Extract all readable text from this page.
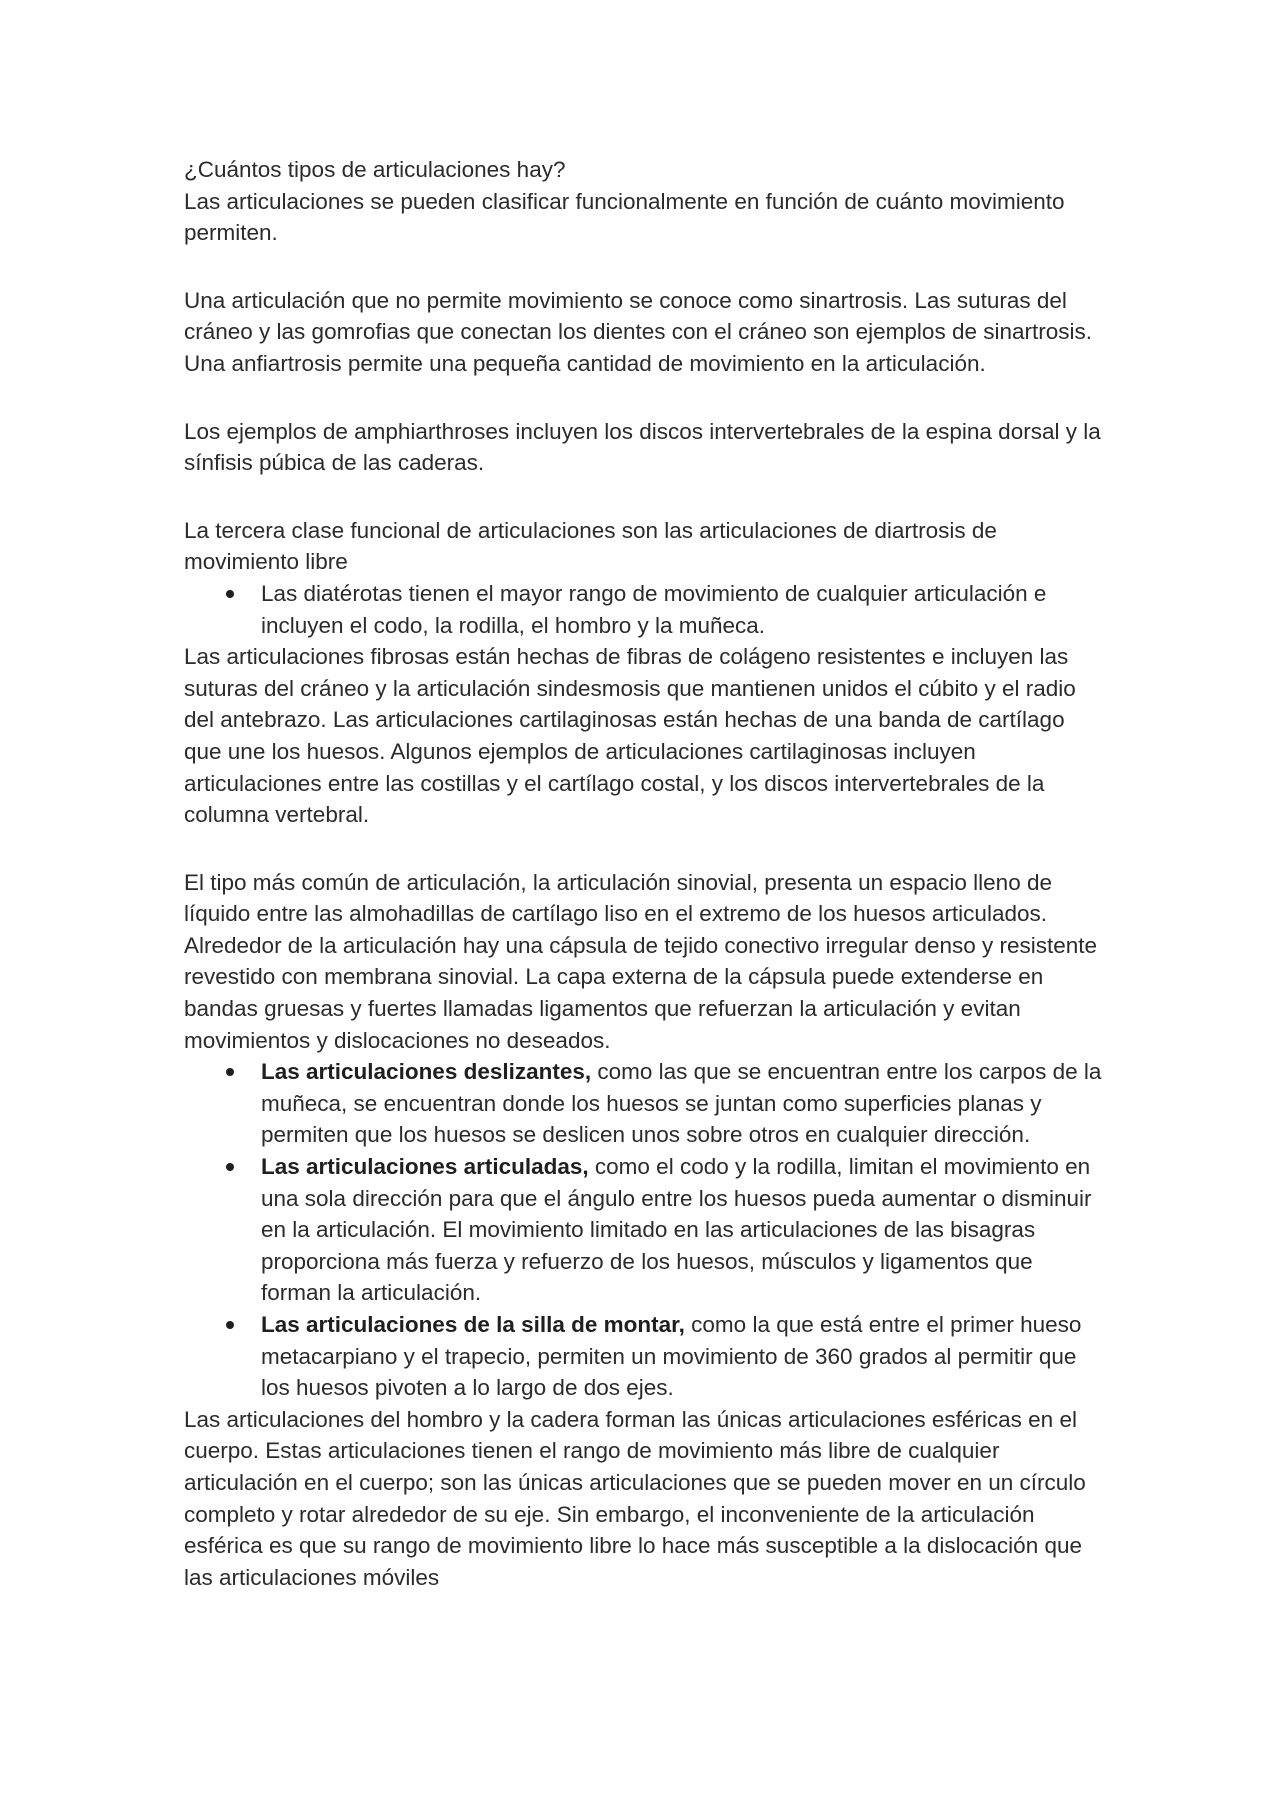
¿Cuántos tipos de articulaciones hay?

Las articulaciones se pueden clasificar funcionalmente en función de cuánto movimiento permiten.

Una articulación que no permite movimiento se conoce como sinartrosis. Las suturas del cráneo y las gomrofias que conectan los dientes con el cráneo son ejemplos de sinartrosis. Una anfiartrosis permite una pequeña cantidad de movimiento en la articulación.

Los ejemplos de amphiarthroses incluyen los discos intervertebrales de la espina dorsal y la sínfisis púbica de las caderas.

La tercera clase funcional de articulaciones son las articulaciones de diartrosis de movimiento libre

Las diatérotas tienen el mayor rango de movimiento de cualquier articulación e incluyen el codo, la rodilla, el hombro y la muñeca.

Las articulaciones fibrosas están hechas de fibras de colágeno resistentes e incluyen las suturas del cráneo y la articulación sindesmosis que mantienen unidos el cúbito y el radio del antebrazo. Las articulaciones cartilaginosas están hechas de una banda de cartílago que une los huesos. Algunos ejemplos de articulaciones cartilaginosas incluyen articulaciones entre las costillas y el cartílago costal, y los discos intervertebrales de la columna vertebral.

El tipo más común de articulación, la articulación sinovial, presenta un espacio lleno de líquido entre las almohadillas de cartílago liso en el extremo de los huesos articulados. Alrededor de la articulación hay una cápsula de tejido conectivo irregular denso y resistente revestido con membrana sinovial. La capa externa de la cápsula puede extenderse en bandas gruesas y fuertes llamadas ligamentos que refuerzan la articulación y evitan movimientos y dislocaciones no deseados.

Las articulaciones deslizantes, como las que se encuentran entre los carpos de la muñeca, se encuentran donde los huesos se juntan como superficies planas y permiten que los huesos se deslicen unos sobre otros en cualquier dirección.
Las articulaciones articuladas, como el codo y la rodilla, limitan el movimiento en una sola dirección para que el ángulo entre los huesos pueda aumentar o disminuir en la articulación. El movimiento limitado en las articulaciones de las bisagras proporciona más fuerza y refuerzo de los huesos, músculos y ligamentos que forman la articulación.
Las articulaciones de la silla de montar, como la que está entre el primer hueso metacarpiano y el trapecio, permiten un movimiento de 360 grados al permitir que los huesos pivoten a lo largo de dos ejes.

Las articulaciones del hombro y la cadera forman las únicas articulaciones esféricas en el cuerpo. Estas articulaciones tienen el rango de movimiento más libre de cualquier articulación en el cuerpo; son las únicas articulaciones que se pueden mover en un círculo completo y rotar alrededor de su eje. Sin embargo, el inconveniente de la articulación esférica es que su rango de movimiento libre lo hace más susceptible a la dislocación que las articulaciones móviles
